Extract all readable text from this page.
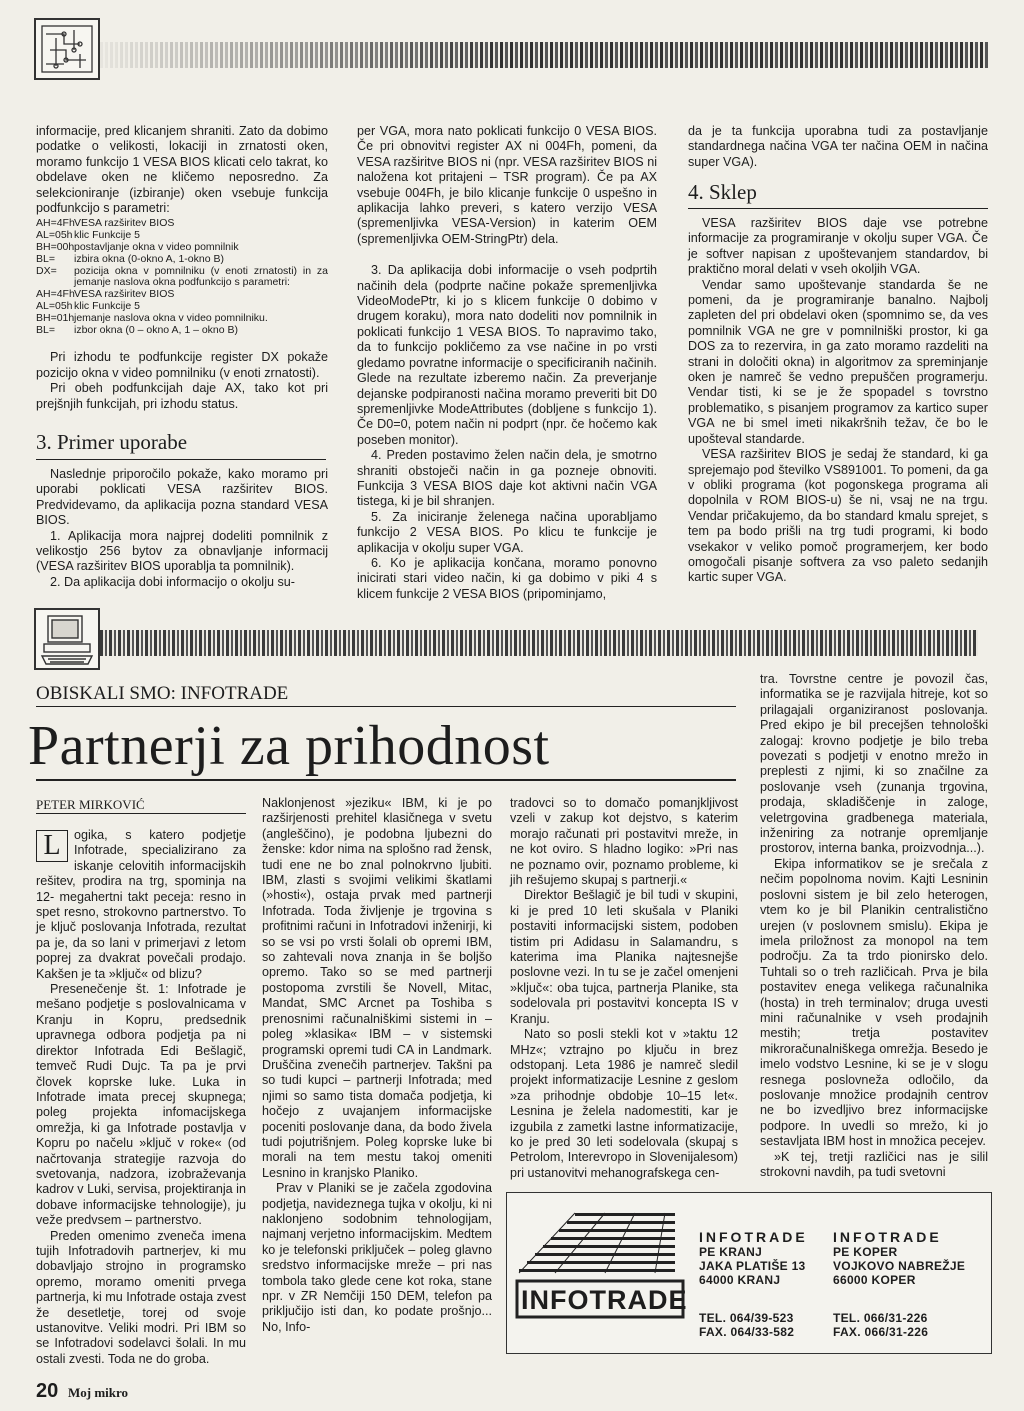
informacije, pred klicanjem shraniti. Zato da dobimo podatke o velikosti, lokaciji in zrnatosti oken, moramo funkcijo 1 VESA BIOS klicati celo takrat, ko obdelave oken ne kličemo neposredno. Za selekcioniranje (izbiranje) oken vsebuje funkcija podfunkcijo s parametri:

AH=4Fh VESA razširitev BIOS
AL=05h klic Funkcije 5
BH=00h postavljanje okna v video pomnilnik
BL=	izbira okna (0-okno A, 1-okno B)
DX=	pozicija okna v pomnilniku (v enoti zrnatosti) in za jemanje naslova okna podfunkcijo s parametri:
AH=4Fh VESA razširitev BIOS
AL=05h klic Funkcije 5
BH=01h jemanje naslova okna v video pomnilniku.
BL=	izbor okna (0 – okno A, 1 – okno B)

Pri izhodu te podfunkcije register DX pokaže pozicijo okna v video pomnilniku (v enoti zrnatosti).

Pri obeh podfunkcijah daje AX, tako kot pri prejšnjih funkcijah, pri izhodu status.

3. Primer uporabe

Naslednje priporočilo pokaže, kako moramo pri uporabi poklicati VESA razširitev BIOS. Predvidevamo, da aplikacija pozna standard VESA BIOS.

1. Aplikacija mora najprej dodeliti pomnilnik z velikostjo 256 bytov za obnavljanje informacij (VESA razširitev BIOS uporablja ta pomnilnik).

2. Da aplikacija dobi informacijo o okolju su-

per VGA, mora nato poklicati funkcijo 0 VESA BIOS. Če pri obnovitvi register AX ni 004Fh, pomeni, da VESA razširitve BIOS ni (npr. VESA razširitev BIOS ni naložena kot pritajeni – TSR program). Če pa AX vsebuje 004Fh, je bilo klicanje funkcije 0 uspešno in aplikacija lahko preveri, s katero verzijo VESA (spremenljivka VESA-Version) in katerim OEM (spremenljivka OEM-StringPtr) dela.

3. Da aplikacija dobi informacije o vseh podprtih načinih dela (podprte načine pokaže spremenljivka VideoModePtr, ki jo s klicem funkcije 0 dobimo v drugem koraku), mora nato dodeliti nov pomnilnik in poklicati funkcijo 1 VESA BIOS. To napravimo tako, da to funkcijo pokličemo za vse načine in po vrsti gledamo povratne informacije o specificiranih načinih. Glede na rezultate izberemo način. Za preverjanje dejanske podpiranosti načina moramo preveriti bit D0 spremenljivke ModeAttributes (dobljene s funkcijo 1). Če D0=0, potem način ni podprt (npr. če hočemo kak poseben monitor).

4. Preden postavimo želen način dela, je smotrno shraniti obstoječi način in ga pozneje obnoviti. Funkcija 3 VESA BIOS daje kot aktivni način VGA tistega, ki je bil shranjen.

5. Za iniciranje želenega načina uporabljamo funkcijo 2 VESA BIOS. Po klicu te funkcije je aplikacija v okolju super VGA.

6. Ko je aplikacija končana, moramo ponovno inicirati stari video način, ki ga dobimo v piki 4 s klicem funkcije 2 VESA BIOS (pripominjamo,

da je ta funkcija uporabna tudi za postavljanje standardnega načina VGA ter načina OEM in načina super VGA).

4. Sklep

VESA razširitev BIOS daje vse potrebne informacije za programiranje v okolju super VGA. Če je softver napisan z upoštevanjem standardov, bi praktično moral delati v vseh okoljih VGA.

Vendar samo upoštevanje standarda še ne pomeni, da je programiranje banalno. Najbolj zapleten del pri obdelavi oken (spomnimo se, da ves pomnilnik VGA ne gre v pomnilniški prostor, ki ga DOS za to rezervira, in ga zato moramo razdeliti na strani in določiti okna) in algoritmov za spreminjanje oken je namreč še vedno prepuščen programerju. Vendar tisti, ki se je že spopadel s tovrstno problematiko, s pisanjem programov za kartico super VGA ne bi smel imeti nikakršnih težav, če bo le upošteval standarde.

VESA razširitev BIOS je sedaj že standard, ki ga sprejemajo pod številko VS891001. To pomeni, da ga v obliki programa (kot pogonskega programa ali dopolnila v ROM BIOS-u) še ni, vsaj ne na trgu. Vendar pričakujemo, da bo standard kmalu sprejet, s tem pa bodo prišli na trg tudi programi, ki bodo vsekakor v veliko pomoč programerjem, ker bodo omogočali pisanje softvera za vso paleto sedanjih kartic super VGA.

OBISKALI SMO: INFOTRADE
Partnerji za prihodnost
PETER MIRKOVIĆ

L	ogika, s katero podjetje Infotrade, specializirano za iskanje celovitih informacijskih rešitev, prodira na trg, spominja na 12- megahertni takt peceja: resno in spet resno, strokovno partnerstvo. To je ključ poslovanja Infotrada, rezultat pa je, da so lani v primerjavi z letom poprej za dvakrat povečali prodajo. Kakšen je ta »ključ« od blizu?

Presenečenje št. 1: Infotrade je mešano podjetje s poslovalnicama v Kranju in Kopru, predsednik upravnega odbora podjetja pa ni direktor Infotrada Edi Bešlagič, temveč Rudi Dujc. Ta pa je prvi človek koprske luke. Luka in Infotrade imata precej skupnega; poleg projekta infomacijskega omrežja, ki ga Infotrade postavlja v Kopru po načelu »ključ v roke« (od načrtovanja strategije razvoja do svetovanja, nadzora, izobraževanja kadrov v Luki, servisa, projektiranja in dobave informacijske tehnologije), ju veže predvsem – partnerstvo.

Preden omenimo zveneča imena tujih Infotradovih partnerjev, ki mu dobavljajo strojno in programsko opremo, moramo omeniti prvega partnerja, ki mu Infotrade ostaja zvest že desetletje, torej od svoje ustanovitve. Veliki modri. Pri IBM so se Infotradovi sodelavci šolali. In mu ostali zvesti. Toda ne do groba.

Naklonjenost »jeziku« IBM, ki je po razširjenosti prehitel klasičnega v svetu (angleščino), je podobna ljubezni do ženske: kdor nima na splošno rad žensk, tudi ene ne bo znal polnokrvno ljubiti. IBM, zlasti s svojimi velikimi škatlami (»hosti«), ostaja prvak med partnerji Infotrada. Toda življenje je trgovina s profitnimi računi in Infotradovi inženirji, ki so se vsi po vrsti šolali ob opremi IBM, so zahtevali nova znanja in še boljšo opremo. Tako so se med partnerji postopoma zvrstili še Novell, Mitac, Mandat, SMC Arcnet pa Toshiba s prenosnimi računalniškimi sistemi in – poleg »klasika« IBM – v sistemski programski opremi tudi CA in Landmark. Druščina zvenečih partnerjev. Takšni pa so tudi kupci – partnerji Infotrada; med njimi so samo tista domača podjetja, ki hočejo z uvajanjem informacijske poceniti poslovanje dana, da bodo živela tudi pojutrišnjem. Poleg koprske luke bi morali na tem mestu takoj omeniti Lesnino in kranjsko Planiko.

Prav v Planiki se je začela zgodovina podjetja, navideznega tujka v okolju, ki ni naklonjeno sodobnim tehnologijam, najmanj verjetno informacijskim. Medtem ko je telefonski priključek – poleg glavno sredstvo informacijske mreže – pri nas tombola tako glede cene kot roka, stane npr. v ZR Nemčiji 150 DEM, telefon pa priključijo isti dan, ko podate prošnjo... No, Info-

tradovci so to domačo pomanjkljivost vzeli v zakup kot dejstvo, s katerim morajo računati pri postavitvi mreže, in ne kot oviro. S hladno logiko: »Pri nas ne poznamo ovir, poznamo probleme, ki jih rešujemo skupaj s partnerji.«

Direktor Bešlagič je bil tudi v skupini, ki je pred 10 leti skušala v Planiki postaviti informacijski sistem, podoben tistim pri Adidasu in Salamandru, s katerima ima Planika najtesnejše poslovne vezi. In tu se je začel omenjeni »ključ«: oba tujca, partnerja Planike, sta sodelovala pri postavitvi koncepta IS v Kranju.

Nato so posli stekli kot v »taktu 12 MHz«; vztrajno po ključu in brez odstopanj. Leta 1986 je namreč sledil projekt informatizacije Lesnine z geslom »za prihodnje obdobje 10–15 let«. Lesnina je želela nadomestiti, kar je izgubila z zametki lastne informatizacije, ko je pred 30 leti sodelovala (skupaj s Petrolom, Interevropo in Slovenijalesom) pri ustanovitvi mehanografskega cen-

tra. Tovrstne centre je povozil čas, informatika se je razvijala hitreje, kot so prilagajali organiziranost poslovanja. Pred ekipo je bil precejšen tehnološki zalogaj: krovno podjetje je bilo treba povezati s podjetji v enotno mrežo in preplesti z njimi, ki so značilne za poslovanje vseh (zunanja trgovina, prodaja, skladiščenje in zaloge, veletrgovina gradbenega materiala, inženiring za notranje opremljanje prostorov, interna banka, proizvodnja...).

Ekipa informatikov se je srečala z nečim popolnoma novim. Kajti Lesninin poslovni sistem je bil zelo heterogen, vtem ko je bil Planikin centralistično urejen (v poslovnem smislu). Ekipa je imela priložnost za monopol na tem področju. Za ta trdo pionirsko delo. Tuhtali so o treh različicah. Prva je bila postavitev enega velikega računalnika (hosta) in treh terminalov; druga uvesti mini računalnike v vseh prodajnih mestih; tretja postavitev mikroračunalniškega omrežja. Besedo je imelo vodstvo Lesnine, ki se je v slogu resnega poslovneža odločilo, da poslovanje množice prodajnih centrov ne bo izvedljivo brez informacijske podpore. In uvedli so mrežo, ki jo sestavljata IBM host in množica pecejev.

»K tej, tretji različici nas je silil strokovni navdih, pa tudi svetovni

INFOTRADE
INFOTRADE
PE KRANJ
JAKA PLATIŠE 13
64000 KRANJ
TEL. 064/39-523
FAX. 064/33-582
INFOTRADE
PE KOPER
VOJKOVO NABREŽJE
66000 KOPER
TEL. 066/31-226
FAX. 066/31-226
20 Moj mikro
